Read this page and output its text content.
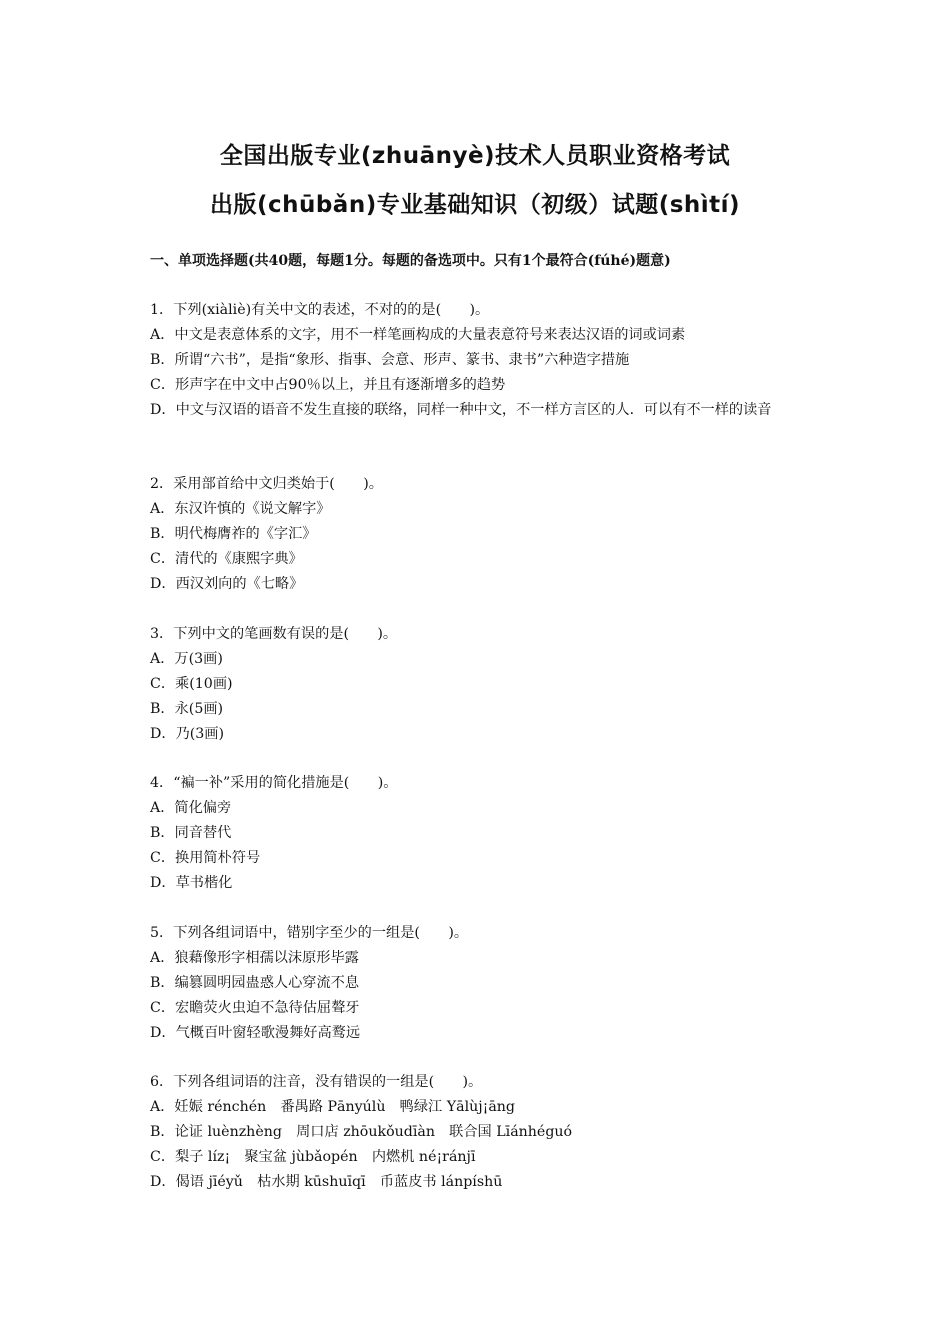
全国出版专业(zhuānyè)技术人员职业资格考试
出版(chūbǎn)专业基础知识（初级）试题(shìtí)
一、单项选择题(共40题，每题1分。每题的备选项中。只有1个最符合(fúhé)题意)
1．下列(xiàliè)有关中文的表述，不对的的是(　　)。
A．中文是表意体系的文字，用不一样笔画构成的大量表意符号来表达汉语的词或词素
B．所谓“六书”，是指“象形、指事、会意、形声、篆书、隶书”六种造字措施
C．形声字在中文中占90％以上，并且有逐渐增多的趋势
D．中文与汉语的语音不发生直接的联络，同样一种中文，不一样方言区的人．可以有不一样的读音
2．采用部首给中文归类始于(　　)。
A．东汉许慎的《说文解字》
B．明代梅膺祚的《字汇》
C．清代的《康熙字典》
D．西汉刘向的《七略》
3．下列中文的笔画数有误的是(　　)。
A．万(3画)
C．乘(10画)
B．永(5画)
D．乃(3画)
4．“褊一补”采用的简化措施是(　　)。
A．简化偏旁
B．同音替代
C．换用简朴符号
D．草书楷化
5．下列各组词语中，错别字至少的一组是(　　)。
A．狼藉像形字相孺以沫原形毕露
B．编篡圆明园蛊惑人心穿流不息
C．宏瞻荧火虫迫不急待估屈聱牙
D．气概百叶窗轻歌漫舞好高鹜远
6．下列各组词语的注音，没有错误的一组是(　　)。
A．妊娠 rénchén　番禺路 Pānyúlù　鸭绿江 Yālùj¡āng
B．论证 luènzhèng　周口店 zhōukǒudīàn　联合国 Līánhéguó
C．梨子 líz¡　聚宝盆 jùbǎopén　内燃机 né¡ránjī
D．偈语 jīéyǔ　枯水期 kūshuīqī　币蓝皮书 lánpíshū
